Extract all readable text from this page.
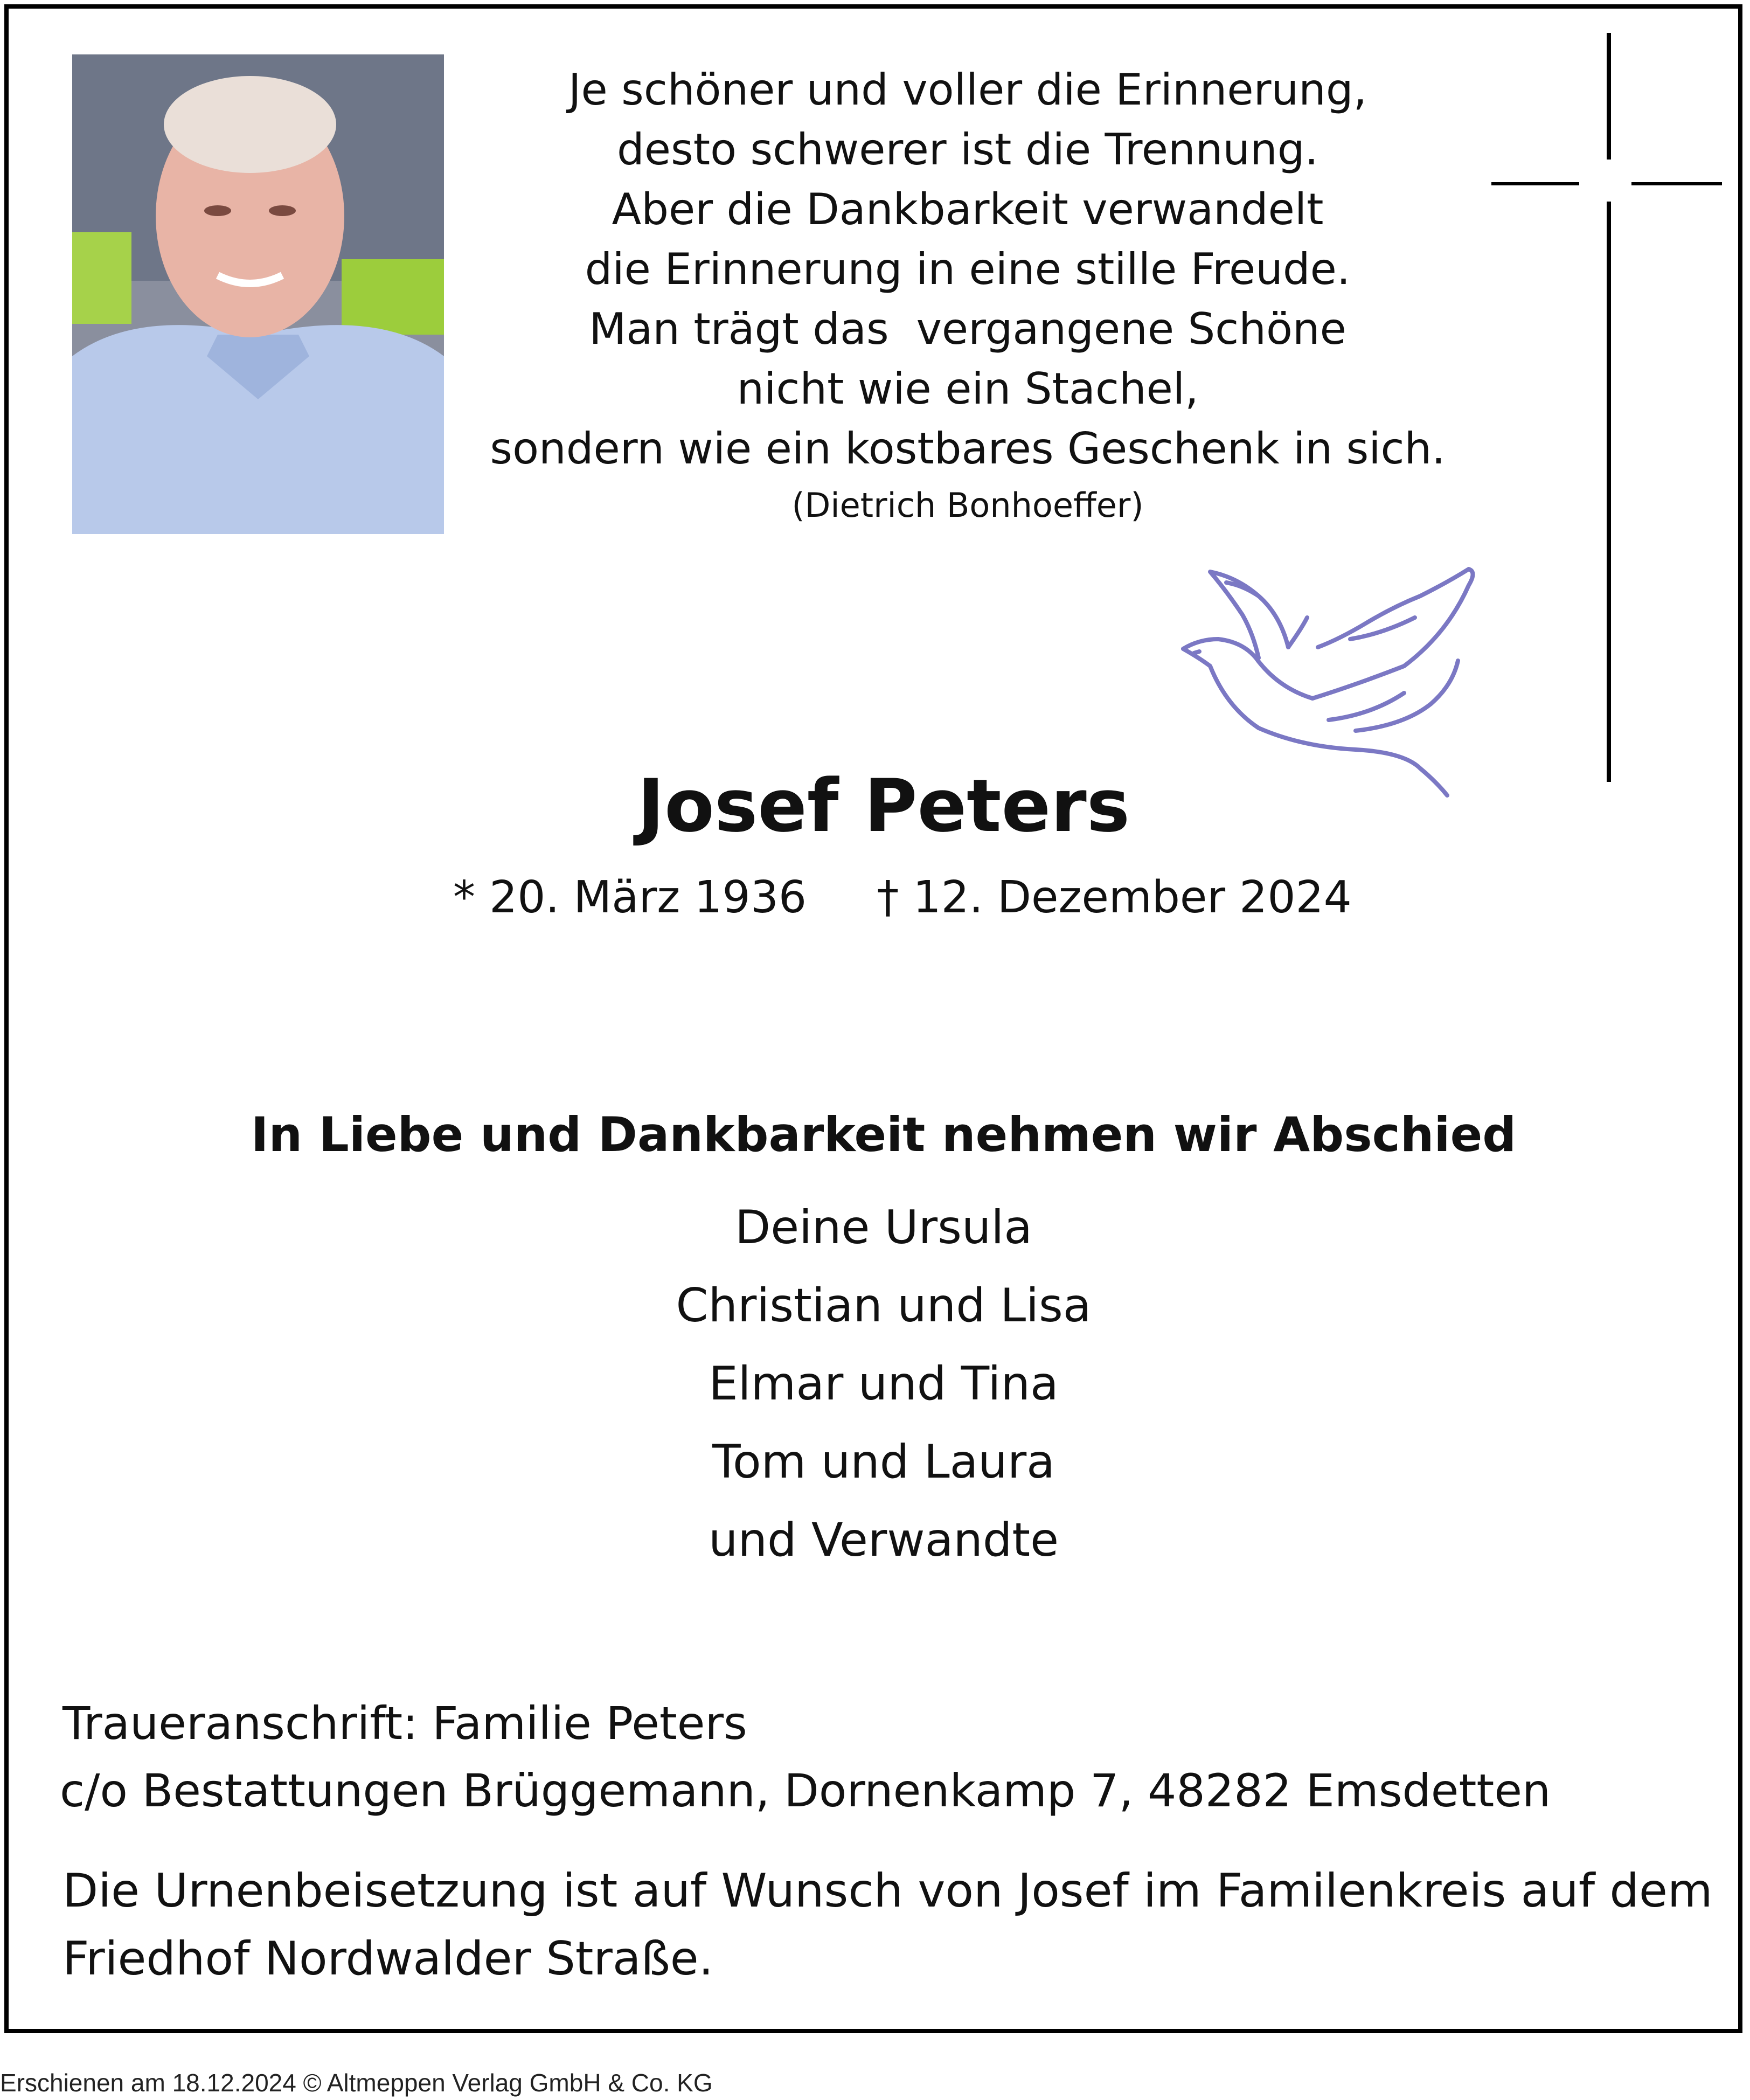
Je schöner und voller die Erinnerung,
desto schwerer ist die Trennung.
Aber die Dankbarkeit verwandelt
die Erinnerung in eine stille Freude.
Man trägt das  vergangene Schöne
nicht wie ein Stachel,
sondern wie ein kostbares Geschenk in sich.
(Dietrich Bonhoeffer)
Josef Peters
* 20. März 1936 † 12. Dezember 2024
In Liebe und Dankbarkeit nehmen wir Abschied
Deine Ursula
Christian und Lisa
Elmar und Tina
Tom und Laura
und Verwandte
Traueranschrift: Familie Peters
c/o Bestattungen Brüggemann, Dornenkamp 7, 48282 Emsdetten
Die Urnenbeisetzung ist auf Wunsch von Josef im Familenkreis auf dem Friedhof Nordwalder Straße.
Erschienen am 18.12.2024 © Altmeppen Verlag GmbH & Co. KG
